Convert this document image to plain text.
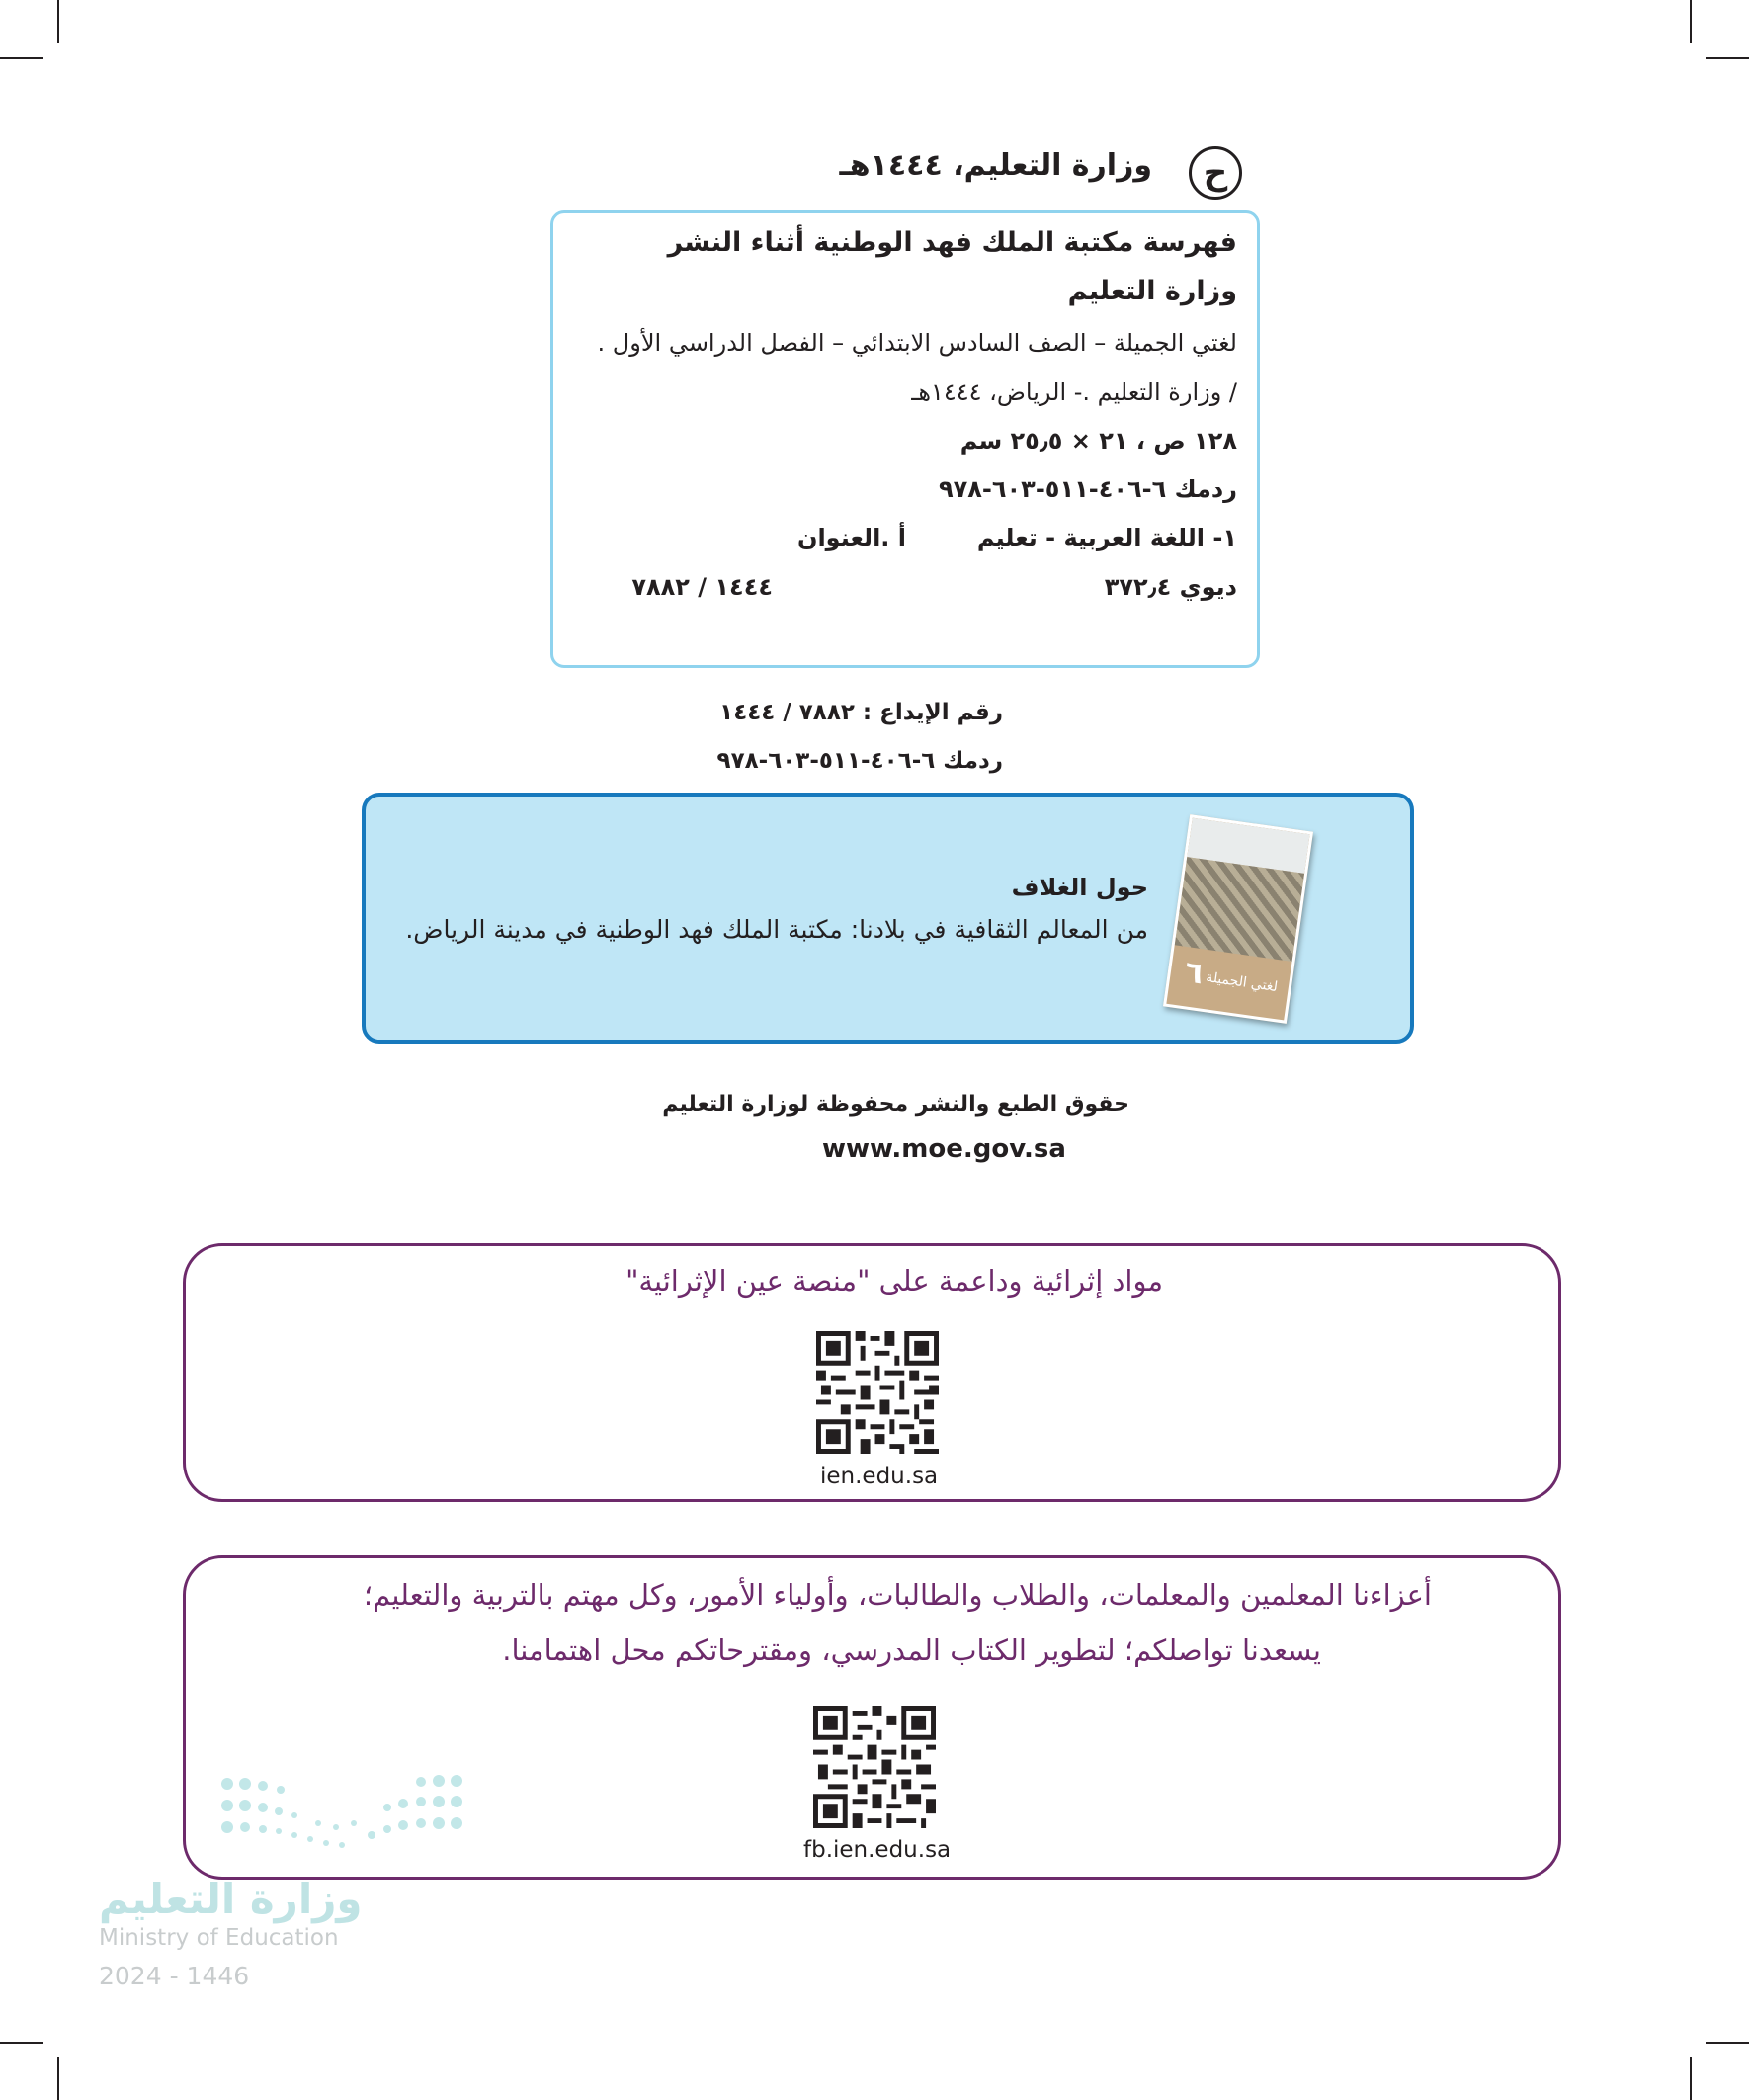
ح
وزارة التعليم، ١٤٤٤هـ
فهرسة مكتبة الملك فهد الوطنية أثناء النشر
وزارة التعليم
لغتي الجميلة – الصف السادس الابتدائي – الفصل الدراسي الأول .
/ وزارة التعليم .- الرياض، ١٤٤٤هـ
١٢٨ ص ، ٢١ × ٢٥٫٥ سم
ردمك ٦-٤٠٦-٥١١-٦٠٣-٩٧٨
١- اللغة العربية - تعليم
أ .العنوان
ديوي ٣٧٢٫٤
١٤٤٤ / ٧٨٨٢
رقم الإيداع : ٧٨٨٢ / ١٤٤٤
ردمك ٦-٤٠٦-٥١١-٦٠٣-٩٧٨
حول الغلاف
من المعالم الثقافية في بلادنا: مكتبة الملك فهد الوطنية في مدينة الرياض.
٦ لغتي الجميلة
حقوق الطبع والنشر محفوظة لوزارة التعليم
www.moe.gov.sa
مواد إثرائية وداعمة على "منصة عين الإثرائية"
ien.edu.sa
أعزاءنا المعلمين والمعلمات، والطلاب والطالبات، وأولياء الأمور، وكل مهتم بالتربية والتعليم؛
يسعدنا تواصلكم؛ لتطوير الكتاب المدرسي، ومقترحاتكم محل اهتمامنا.
fb.ien.edu.sa
وزارة التعليم
Ministry of Education
2024 - 1446
